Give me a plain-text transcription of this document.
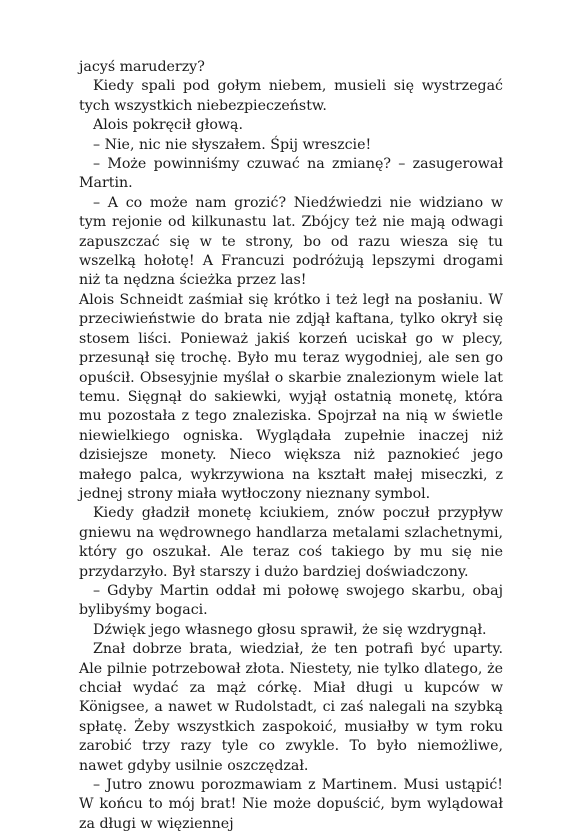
jacyś maruderzy?

Kiedy spali pod gołym niebem, musieli się wystrzegać tych wszystkich niebezpieczeństw.

Alois pokręcił głową.

– Nie, nic nie słyszałem. Śpij wreszcie!

– Może powinniśmy czuwać na zmianę? – zasugerował Martin.

– A co może nam grozić? Niedźwiedzi nie widziano w tym rejonie od kilkunastu lat. Zbójcy też nie mają odwagi zapuszczać się w te strony, bo od razu wiesza się tu wszelką hołotę! A Francuzi podróżują lepszymi drogami niż ta nędzna ścieżka przez las!

Alois Schneidt zaśmiał się krótko i też legł na posłaniu. W przeciwieństwie do brata nie zdjął kaftana, tylko okrył się stosem liści. Ponieważ jakiś korzeń uciskał go w plecy, przesunął się trochę. Było mu teraz wygodniej, ale sen go opuścił. Obsesyjnie myślał o skarbie znalezionym wiele lat temu. Sięgnął do sakiewki, wyjął ostatnią monetę, która mu pozostała z tego znaleziska. Spojrzał na nią w świetle niewielkiego ogniska. Wyglądała zupełnie inaczej niż dzisiejsze monety. Nieco większa niż paznokieć jego małego palca, wykrzywiona na kształt małej miseczki, z jednej strony miała wytłoczony nieznany symbol.

Kiedy gładził monetę kciukiem, znów poczuł przypływ gniewu na wędrownego handlarza metalami szlachetnymi, który go oszukał. Ale teraz coś takiego by mu się nie przydarzyło. Był starszy i dużo bardziej doświadczony.

– Gdyby Martin oddał mi połowę swojego skarbu, obaj bylibyśmy bogaci.

Dźwięk jego własnego głosu sprawił, że się wzdrygnął.

Znał dobrze brata, wiedział, że ten potrafi być uparty. Ale pilnie potrzebował złota. Niestety, nie tylko dlatego, że chciał wydać za mąż córkę. Miał długi u kupców w Königsee, a nawet w Rudolstadt, ci zaś nalegali na szybką spłatę. Żeby wszystkich zaspokoić, musiałby w tym roku zarobić trzy razy tyle co zwykle. To było niemożliwe, nawet gdyby usilnie oszczędzał.

– Jutro znowu porozmawiam z Martinem. Musi ustąpić! W końcu to mój brat! Nie może dopuścić, bym wylądował za długi w więziennej
